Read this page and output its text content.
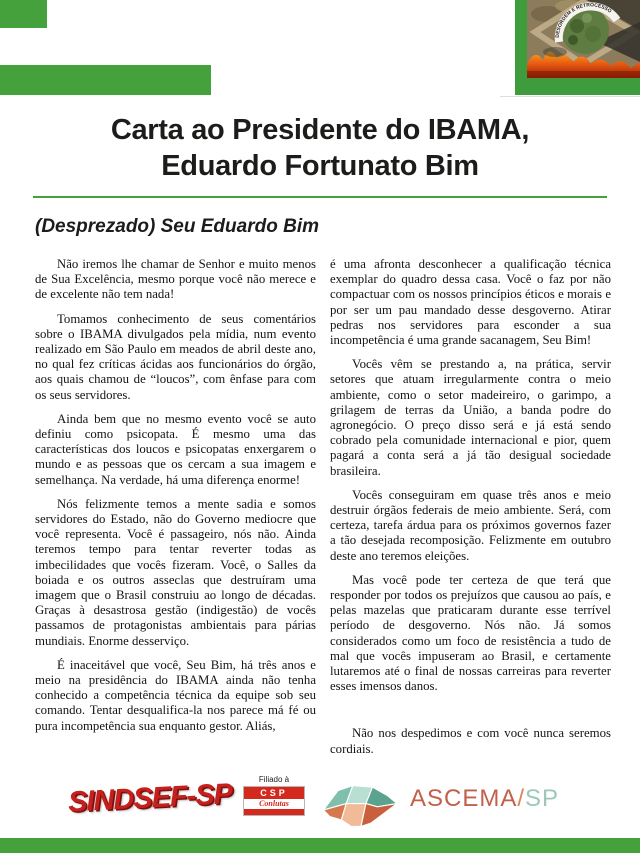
DESORDEM E RETROCESSO
Carta ao Presidente do IBAMA,
Eduardo Fortunato Bim
(Desprezado) Seu Eduardo Bim

Não iremos lhe chamar de Senhor e muito menos de Sua Excelência, mesmo porque você não merece e de excelente não tem nada!

Tomamos conhecimento de seus comentários sobre o IBAMA divulgados pela mídia, num evento realizado em São Paulo em meados de abril deste ano, no qual fez críticas ácidas aos funcionários do órgão, aos quais chamou de “loucos”, com ênfase para com os seus servidores.

Ainda bem que no mesmo evento você se auto definiu como psicopata. É mesmo uma das características dos loucos e psicopatas enxergarem o mundo e as pessoas que os cercam a sua imagem e semelhança. Na verdade, há uma diferença enorme!

Nós felizmente temos a mente sadia e somos servidores do Estado, não do Governo mediocre que você representa. Você é passageiro, nós não. Ainda teremos tempo para tentar reverter todas as imbecilidades que vocês fizeram. Você, o Salles da boiada e os outros asseclas que destruíram uma imagem que o Brasil construiu ao longo de décadas. Graças à desastrosa gestão (indigestão) de vocês passamos de protagonistas ambientais para párias mundiais. Enorme desserviço.

É inaceitável que você, Seu Bim, há três anos e meio na presidência do IBAMA ainda não tenha conhecido a competência técnica da equipe sob seu comando. Tentar desqualifica-la nos parece má fé ou pura incompetência sua enquanto gestor. Aliás,

é uma afronta desconhecer a qualificação técnica exemplar do quadro dessa casa. Você o faz por não compactuar com os nossos princípios éticos e morais e por ser um pau mandado desse desgoverno. Atirar pedras nos servidores para esconder a sua incompetência é uma grande sacanagem, Seu Bim!

Vocês vêm se prestando a, na prática, servir setores que atuam irregularmente contra o meio ambiente, como o setor madeireiro, o garimpo, a grilagem de terras da União, a banda podre do agronegócio. O preço disso será e já está sendo cobrado pela comunidade internacional e pior, quem pagará a conta será a já tão desigual sociedade brasileira.

Vocês conseguiram em quase três anos e meio destruir órgãos federais de meio ambiente. Será, com certeza, tarefa árdua para os próximos governos fazer a tão desejada recomposição. Felizmente em outubro deste ano teremos eleições.

Mas você pode ter certeza de que terá que responder por todos os prejuízos que causou ao país, e pelas mazelas que praticaram durante esse terrível período de desgoverno. Nós não. Já somos considerados como um foco de resistência a tudo de mal que vocês impuseram ao Brasil, e certamente lutaremos até o final de nossas carreiras para reverter esses imensos danos.

Não nos despedimos e com você nunca seremos cordiais.

SINDSEF-SP	Filiado à
CSP
Conlutas
CENTRAL SINDICAL E POPULAR
ASCEMA/SP
